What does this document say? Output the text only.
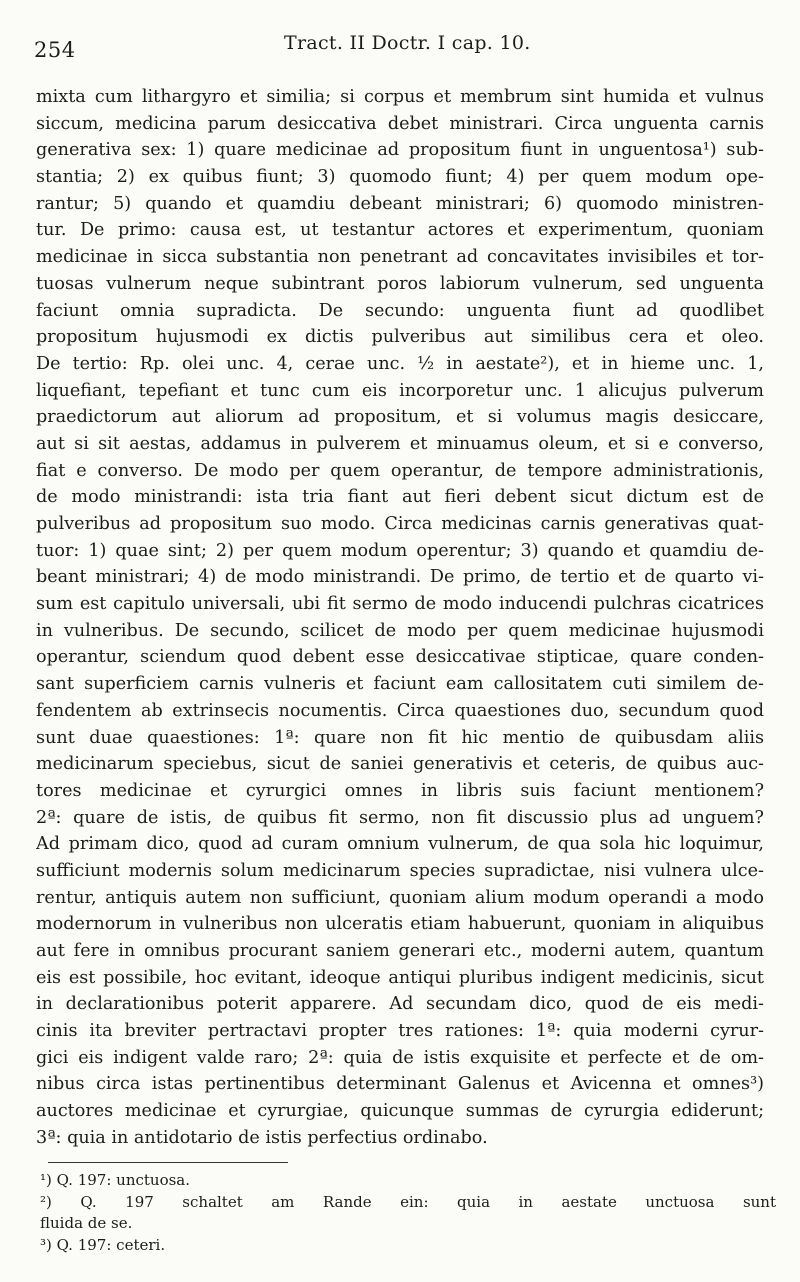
254	Tract. II Doctr. I cap. 10.
mixta cum lithargyro et similia; si corpus et membrum sint humida et vulnus
siccum, medicina parum desiccativa debet ministrari. Circa unguenta carnis
generativa sex: 1) quare medicinae ad propositum fiunt in unguentosa¹) sub-
stantia; 2) ex quibus fiunt; 3) quomodo fiunt; 4) per quem modum ope-
rantur; 5) quando et quamdiu debeant ministrari; 6) quomodo ministren-
tur. De primo: causa est, ut testantur actores et experimentum, quoniam
medicinae in sicca substantia non penetrant ad concavitates invisibiles et tor-
tuosas vulnerum neque subintrant poros labiorum vulnerum, sed unguenta
faciunt omnia supradicta. De secundo: unguenta fiunt ad quodlibet
propositum hujusmodi ex dictis pulveribus aut similibus cera et oleo.
De tertio: Rp. olei unc. 4, cerae unc. ½ in aestate²), et in hieme unc. 1,
liquefiant, tepefiant et tunc cum eis incorporetur unc. 1 alicujus pulverum
praedictorum aut aliorum ad propositum, et si volumus magis desiccare,
aut si sit aestas, addamus in pulverem et minuamus oleum, et si e converso,
fiat e converso. De modo per quem operantur, de tempore administrationis,
de modo ministrandi: ista tria fiant aut fieri debent sicut dictum est de
pulveribus ad propositum suo modo. Circa medicinas carnis generativas quat-
tuor: 1) quae sint; 2) per quem modum operentur; 3) quando et quamdiu de-
beant ministrari; 4) de modo ministrandi. De primo, de tertio et de quarto vi-
sum est capitulo universali, ubi fit sermo de modo inducendi pulchras cicatrices
in vulneribus. De secundo, scilicet de modo per quem medicinae hujusmodi
operantur, sciendum quod debent esse desiccativae stipticae, quare conden-
sant superficiem carnis vulneris et faciunt eam callositatem cuti similem de-
fendentem ab extrinsecis nocumentis. Circa quaestiones duo, secundum quod
sunt duae quaestiones: 1ª: quare non fit hic mentio de quibusdam aliis
medicinarum speciebus, sicut de saniei generativis et ceteris, de quibus auc-
tores medicinae et cyrurgici omnes in libris suis faciunt mentionem?
2ª: quare de istis, de quibus fit sermo, non fit discussio plus ad unguem?
Ad primam dico, quod ad curam omnium vulnerum, de qua sola hic loquimur,
sufficiunt modernis solum medicinarum species supradictae, nisi vulnera ulce-
rentur, antiquis autem non sufficiunt, quoniam alium modum operandi a modo
modernorum in vulneribus non ulceratis etiam habuerunt, quoniam in aliquibus
aut fere in omnibus procurant saniem generari etc., moderni autem, quantum
eis est possibile, hoc evitant, ideoque antiqui pluribus indigent medicinis, sicut
in declarationibus poterit apparere. Ad secundam dico, quod de eis medi-
cinis ita breviter pertractavi propter tres rationes: 1ª: quia moderni cyrur-
gici eis indigent valde raro; 2ª: quia de istis exquisite et perfecte et de om-
nibus circa istas pertinentibus determinant Galenus et Avicenna et omnes³)
auctores medicinae et cyrurgiae, quicunque summas de cyrurgia ediderunt;
3ª: quia in antidotario de istis perfectius ordinabo.
¹) Q. 197: unctuosa.
²) Q. 197 schaltet am Rande ein: quia in aestate unctuosa sunt
fluida de se.
³) Q. 197: ceteri.
